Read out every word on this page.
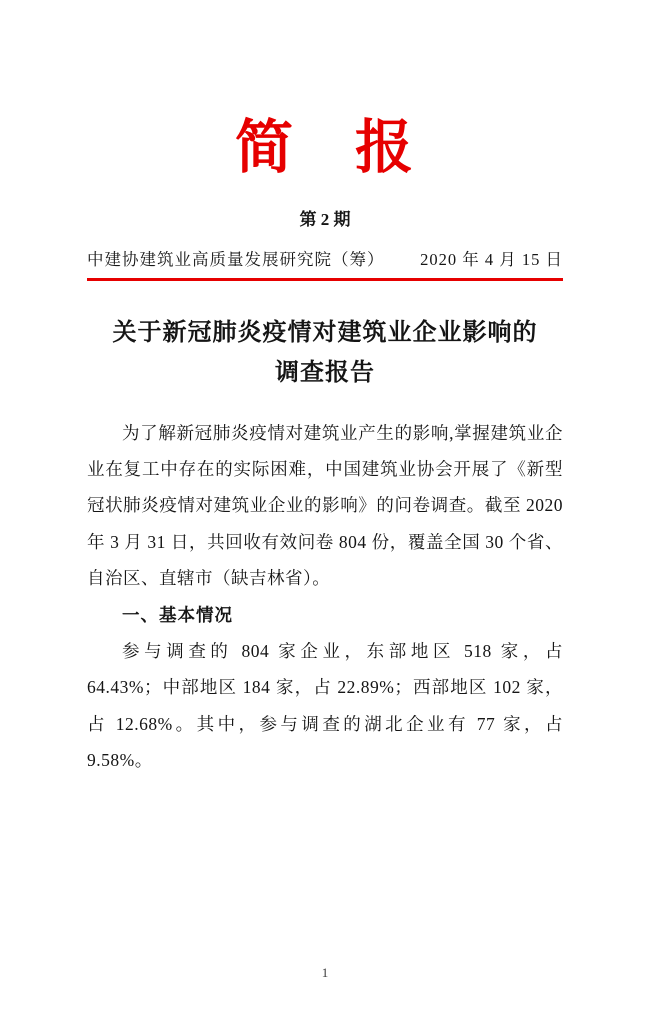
简　报
第 2 期
中建协建筑业高质量发展研究院（筹） 2020 年 4 月 15 日
关于新冠肺炎疫情对建筑业企业影响的
调查报告

为了解新冠肺炎疫情对建筑业产生的影响,掌握建筑业企业在复工中存在的实际困难，中国建筑业协会开展了《新型冠状肺炎疫情对建筑业企业的影响》的问卷调查。截至 2020 年 3 月 31 日，共回收有效问卷 804 份，覆盖全国 30 个省、自治区、直辖市（缺吉林省）。

一、基本情况

参与调查的 804 家企业，东部地区 518 家，占 64.43%；中部地区 184 家，占 22.89%；西部地区 102 家，占 12.68%。其中，参与调查的湖北企业有 77 家，占 9.58%。

1
